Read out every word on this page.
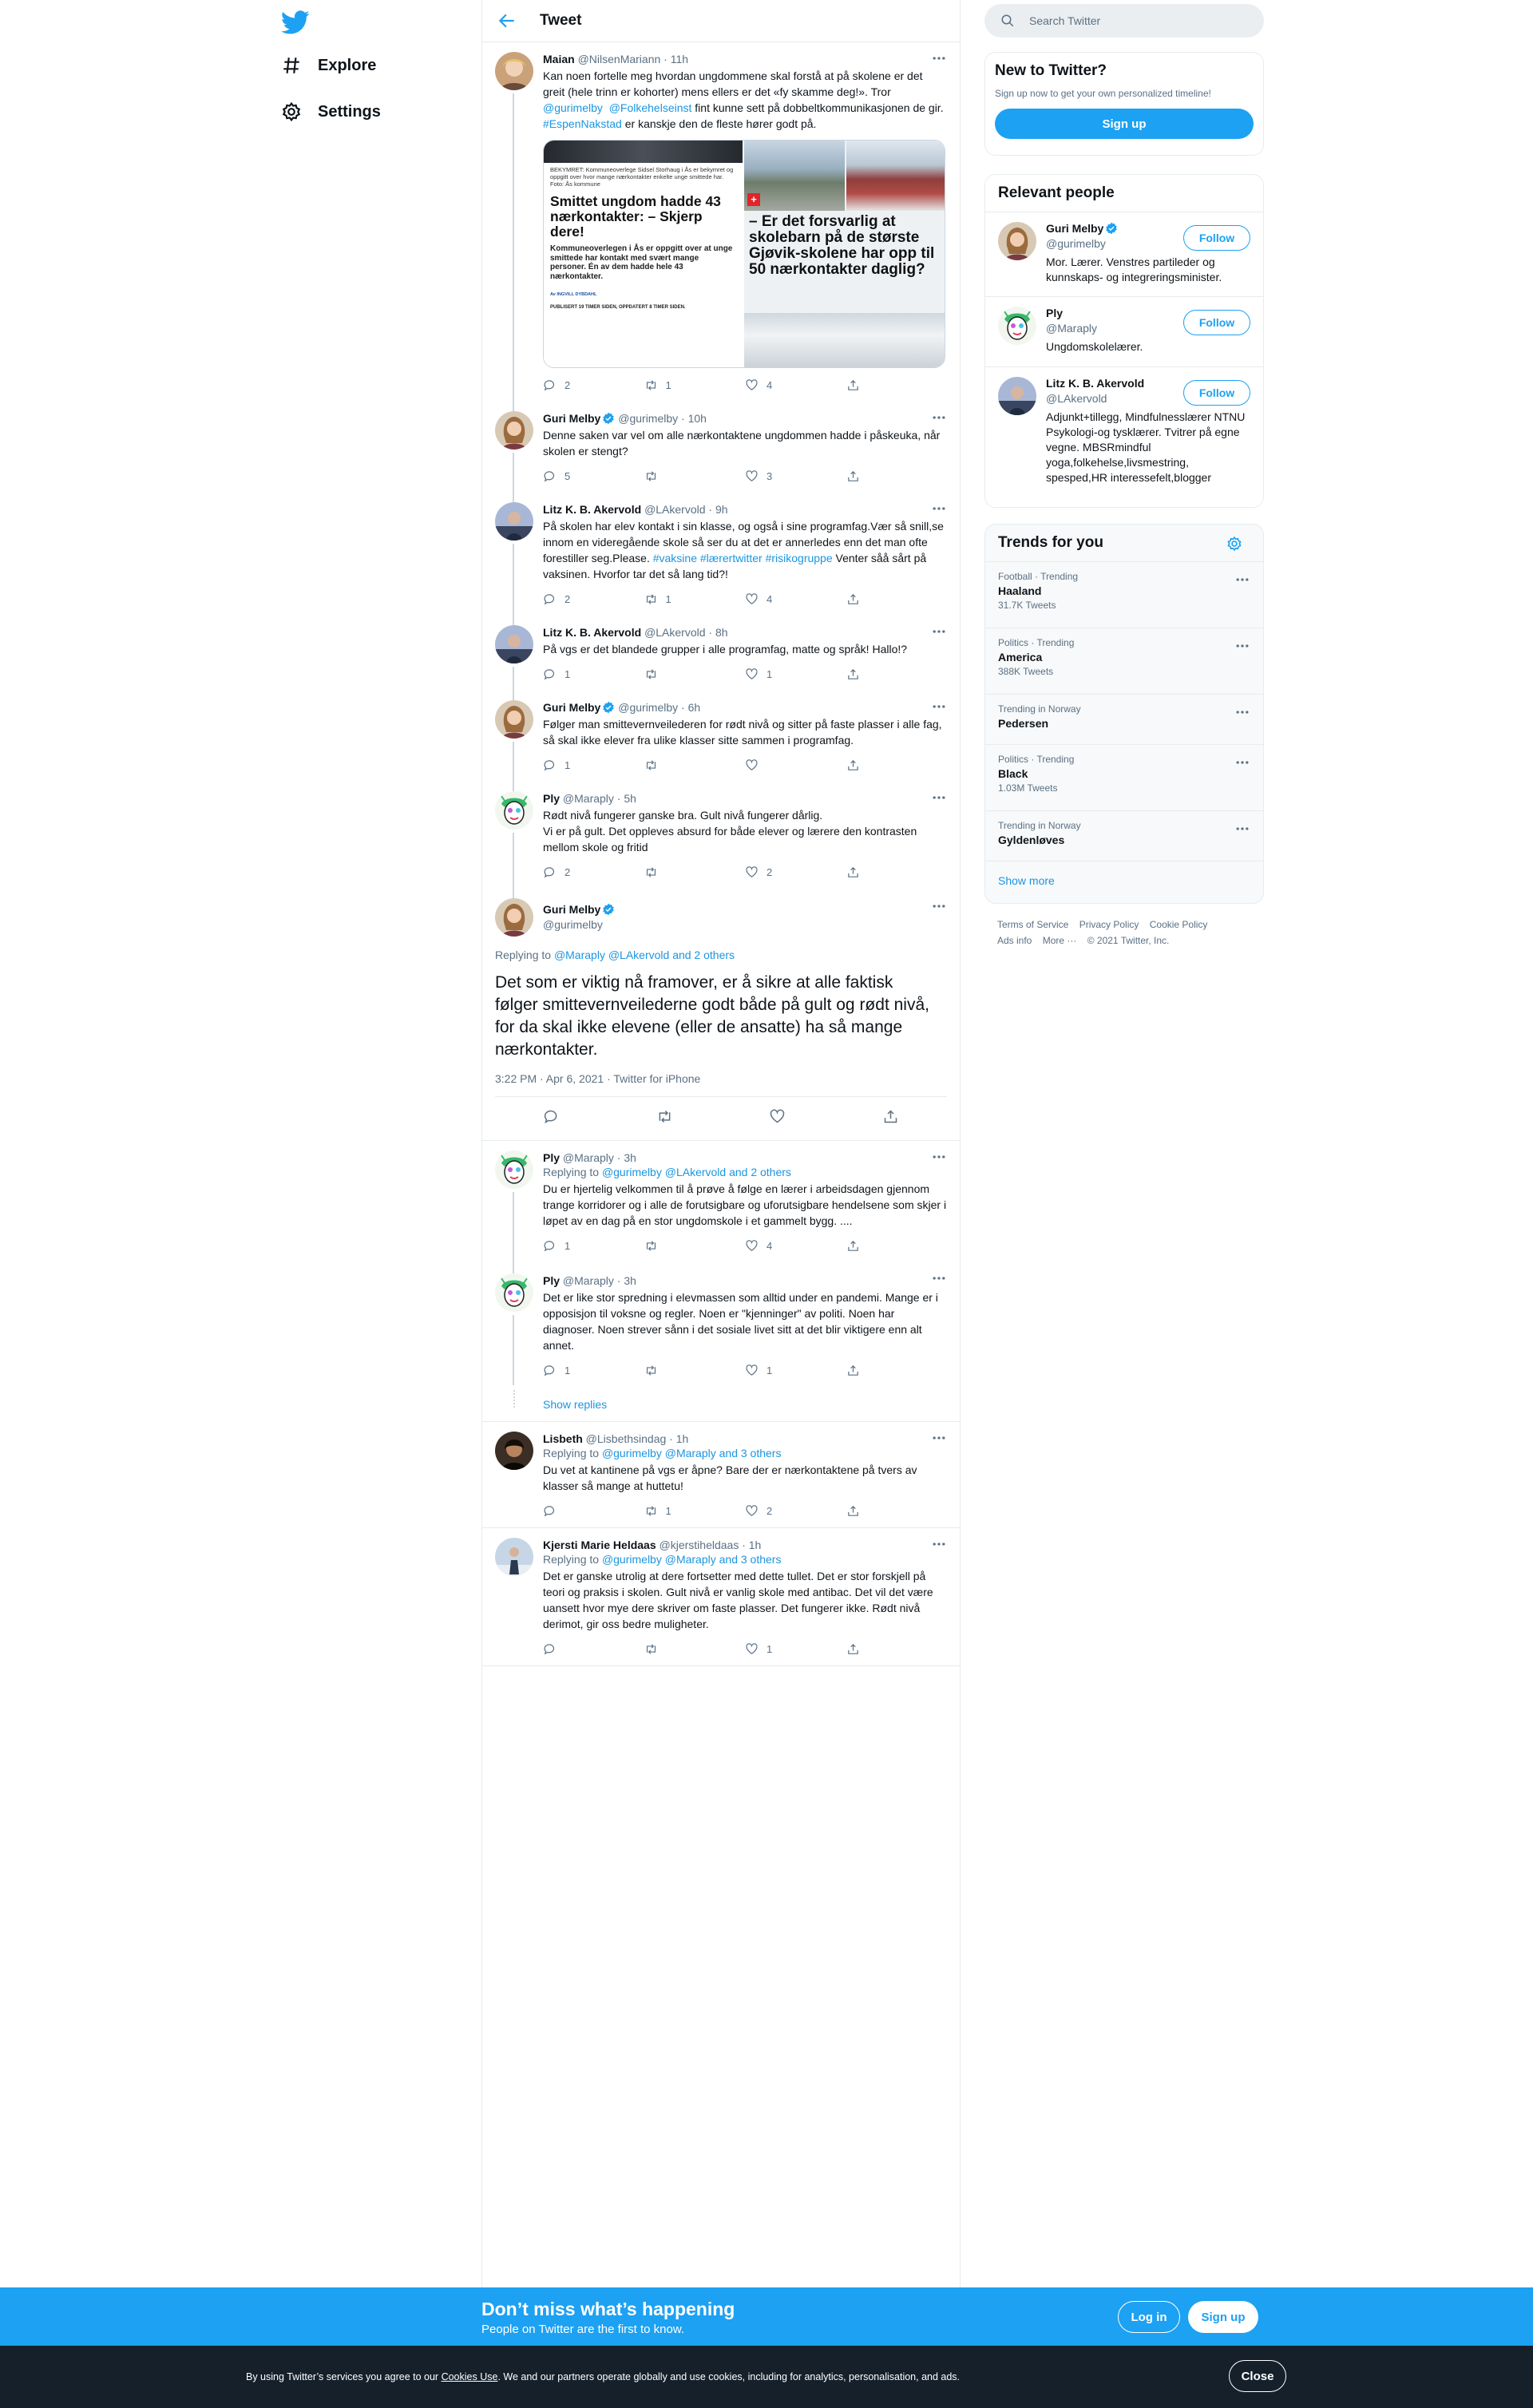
Explore
Settings
Tweet
Maian @NilsenMariann · 11h
Kan noen fortelle meg hvordan ungdommene skal forstå at på skolene er det greit (hele trinn er kohorter) mens ellers er det «fy skamme deg!». Tror @gurimelby @Folkehelseinst fint kunne sett på dobbeltkommunikasjonen de gir. #EspenNakstad er kanskje den de fleste hører godt på.
BEKYMRET: Kommuneoverlege Sidsel Storhaug i Ås er bekymret og oppgitt over hvor mange nærkontakter enkelte unge smittede har. Foto: Ås kommune
Smittet ungdom hadde 43 nærkontakter: – Skjerp dere!
Kommuneoverlegen i Ås er oppgitt over at unge smittede har kontakt med svært mange personer. Én av dem hadde hele 43 nærkontakter.
Av INGVILL DYBDAHL
PUBLISERT 19 TIMER SIDEN, OPPDATERT 8 TIMER SIDEN.
+
– Er det forsvarlig at skolebarn på de største Gjøvik-skolene har opp til 50 nærkontakter daglig?
2	1	4
Guri Melby @gurimelby · 10h
Denne saken var vel om alle nærkontaktene ungdommen hadde i påskeuka, når skolen er stengt?
5	3
Litz K. B. Akervold @LAkervold · 9h
På skolen har elev kontakt i sin klasse, og også i sine programfag.Vær så snill,se innom en videregående skole så ser du at det er annerledes enn det man ofte forestiller seg.Please. #vaksine #lærertwitter #risikogruppe Venter såå sårt på vaksinen. Hvorfor tar det så lang tid?!
2	1	4
Litz K. B. Akervold @LAkervold · 8h
På vgs er det blandede grupper i alle programfag, matte og språk! Hallo!?
1	1
Guri Melby @gurimelby · 6h
Følger man smittevernveilederen for rødt nivå og sitter på faste plasser i alle fag, så skal ikke elever fra ulike klasser sitte sammen i programfag.
1
Ply @Maraply · 5h
Rødt nivå fungerer ganske bra. Gult nivå fungerer dårlig.
Vi er på gult. Det oppleves absurd for både elever og lærere den kontrasten mellom skole og fritid
2	2
Guri Melby
@gurimelby
Replying to @Maraply @LAkervold and 2 others
Det som er viktig nå framover, er å sikre at alle faktisk følger smittevernveilederne godt både på gult og rødt nivå, for da skal ikke elevene (eller de ansatte) ha så mange nærkontakter.
3:22 PM · Apr 6, 2021 · Twitter for iPhone
Ply @Maraply · 3h
Replying to @gurimelby @LAkervold and 2 others
Du er hjertelig velkommen til å prøve å følge en lærer i arbeidsdagen gjennom trange korridorer og i alle de forutsigbare og uforutsigbare hendelsene som skjer i løpet av en dag på en stor ungdomskole i et gammelt bygg. ....
1	4
Ply @Maraply · 3h
Det er like stor spredning i elevmassen som alltid under en pandemi. Mange er i opposisjon til voksne og regler. Noen er "kjenninger" av politi. Noen har diagnoser. Noen strever sånn i det sosiale livet sitt at det blir viktigere enn alt annet.
1	1
Show replies
Lisbeth @Lisbethsindag · 1h
Replying to @gurimelby @Maraply and 3 others
Du vet at kantinene på vgs er åpne? Bare der er nærkontaktene på tvers av klasser så mange at huttetu!
1	2
Kjersti Marie Heldaas @kjerstiheldaas · 1h
Replying to @gurimelby @Maraply and 3 others
Det er ganske utrolig at dere fortsetter med dette tullet. Det er stor forskjell på teori og praksis i skolen. Gult nivå er vanlig skole med antibac. Det vil det være uansett hvor mye dere skriver om faste plasser. Det fungerer ikke. Rødt nivå derimot, gir oss bedre muligheter.
1
Search Twitter
New to Twitter?
Sign up now to get your own personalized timeline!
Sign up
Relevant people
Guri Melby
@gurimelby
Mor. Lærer. Venstres partileder og kunnskaps- og integreringsminister.
Follow
Ply
@Maraply
Ungdomskolelærer.
Follow
Litz K. B. Akervold
@LAkervold
Adjunkt+tillegg, Mindfulnesslærer NTNU Psykologi-og tysklærer. Tvitrer på egne vegne. MBSRmindful yoga,folkehelse,livsmestring, spesped,HR interessefelt,blogger
Follow
Trends for you
Football · Trending
Haaland
31.7K Tweets
Politics · Trending
America
388K Tweets
Trending in Norway
Pedersen
Politics · Trending
Black
1.03M Tweets
Trending in Norway
Gyldenløves
Show more
Terms of Service Privacy Policy Cookie Policy
Ads info More ··· © 2021 Twitter, Inc.
Don’t miss what’s happening
People on Twitter are the first to know.
Log in	Sign up
By using Twitter’s services you agree to our Cookies Use. We and our partners operate globally and use cookies, including for analytics, personalisation, and ads.	Close
